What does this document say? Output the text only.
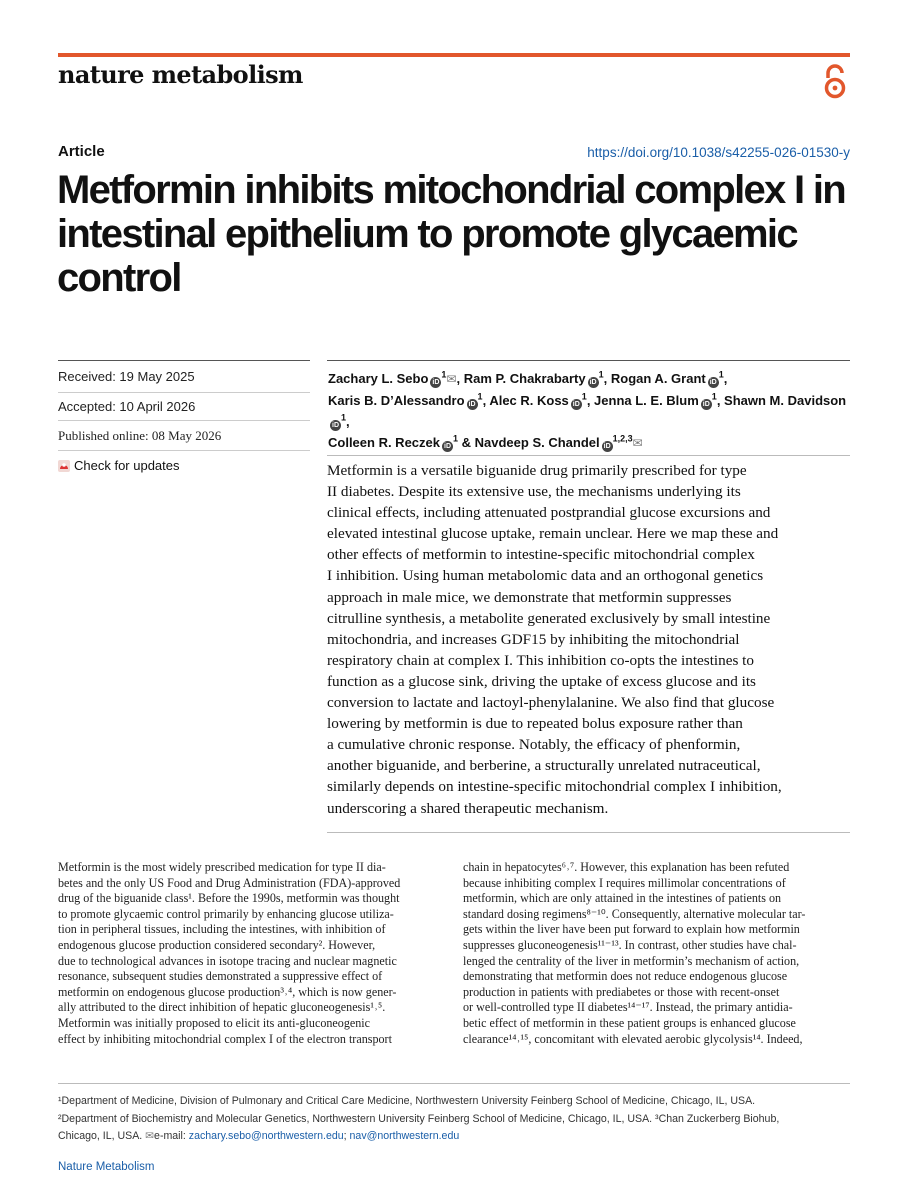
nature metabolism
Article	https://doi.org/10.1038/s42255-026-01530-y
Metformin inhibits mitochondrial complex I in intestinal epithelium to promote glycaemic control
Received: 19 May 2025
Accepted: 10 April 2026
Published online: 08 May 2026
Check for updates
Zachary L. Sebo iD$^1$✉, Ram P. Chakrabarty iD$^1$, Rogan A. Grant iD$^1$,
Karis B. D’Alessandro iD$^1$, Alec R. Koss iD$^1$, Jenna L. E. Blum iD$^1$, Shawn M. DavidsoniD$^1$,
Colleen R. Reczek iD$^1$ & Navdeep S. Chandel iD$^{1,2,3}$✉
Metformin is a versatile biguanide drug primarily prescribed for type
II diabetes. Despite its extensive use, the mechanisms underlying its
clinical effects, including attenuated postprandial glucose excursions and
elevated intestinal glucose uptake, remain unclear. Here we map these and
other effects of metformin to intestine-specific mitochondrial complex
I inhibition. Using human metabolomic data and an orthogonal genetics
approach in male mice, we demonstrate that metformin suppresses
citrulline synthesis, a metabolite generated exclusively by small intestine
mitochondria, and increases GDF15 by inhibiting the mitochondrial
respiratory chain at complex I. This inhibition co-opts the intestines to
function as a glucose sink, driving the uptake of excess glucose and its
conversion to lactate and lactoyl-phenylalanine. We also find that glucose
lowering by metformin is due to repeated bolus exposure rather than
a cumulative chronic response. Notably, the efficacy of phenformin,
another biguanide, and berberine, a structurally unrelated nutraceutical,
similarly depends on intestine-specific mitochondrial complex I inhibition,
underscoring a shared therapeutic mechanism.
Metformin is the most widely prescribed medication for type II dia-
betes and the only US Food and Drug Administration (FDA)-approved
drug of the biguanide class¹. Before the 1990s, metformin was thought
to promote glycaemic control primarily by enhancing glucose utiliza-
tion in peripheral tissues, including the intestines, with inhibition of
endogenous glucose production considered secondary². However,
due to technological advances in isotope tracing and nuclear magnetic
resonance, subsequent studies demonstrated a suppressive effect of
metformin on endogenous glucose production³˒⁴, which is now gener-
ally attributed to the direct inhibition of hepatic gluconeogenesis¹˒⁵.
Metformin was initially proposed to elicit its anti-gluconeogenic
effect by inhibiting mitochondrial complex I of the electron transport
chain in hepatocytes⁶˒⁷. However, this explanation has been refuted
because inhibiting complex I requires millimolar concentrations of
metformin, which are only attained in the intestines of patients on
standard dosing regimens⁸⁻¹⁰. Consequently, alternative molecular tar-
gets within the liver have been put forward to explain how metformin
suppresses gluconeogenesis¹¹⁻¹³. In contrast, other studies have chal-
lenged the centrality of the liver in metformin’s mechanism of action,
demonstrating that metformin does not reduce endogenous glucose
production in patients with prediabetes or those with recent-onset
or well-controlled type II diabetes¹⁴⁻¹⁷. Instead, the primary antidia-
betic effect of metformin in these patient groups is enhanced glucose
clearance¹⁴˒¹⁵, concomitant with elevated aerobic glycolysis¹⁴. Indeed,
¹Department of Medicine, Division of Pulmonary and Critical Care Medicine, Northwestern University Feinberg School of Medicine, Chicago, IL, USA.
²Department of Biochemistry and Molecular Genetics, Northwestern University Feinberg School of Medicine, Chicago, IL, USA. ³Chan Zuckerberg Biohub,
Chicago, IL, USA. ✉e-mail: zachary.sebo@northwestern.edu; nav@northwestern.edu
Nature Metabolism
